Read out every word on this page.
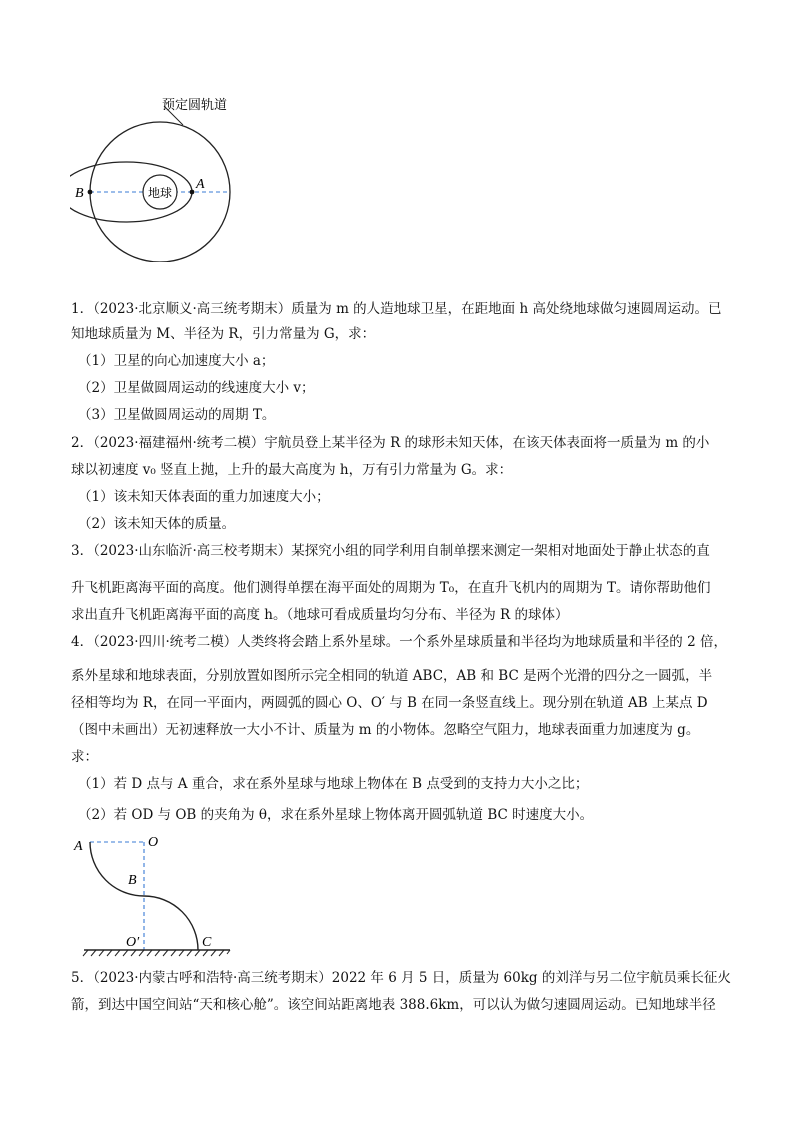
预定圆轨道
地球
A
B
1．（2023·北京顺义·高三统考期末）质量为 m 的人造地球卫星，在距地面 h 高处绕地球做匀速圆周运动。已
知地球质量为 M、半径为 R，引力常量为 G，求：
（1）卫星的向心加速度大小 a；
（2）卫星做圆周运动的线速度大小 v；
（3）卫星做圆周运动的周期 T。
2．（2023·福建福州·统考二模）宇航员登上某半径为 R 的球形未知天体，在该天体表面将一质量为 m 的小
球以初速度 v₀ 竖直上抛，上升的最大高度为 h，万有引力常量为 G。求：
（1）该未知天体表面的重力加速度大小；
（2）该未知天体的质量。
3．（2023·山东临沂·高三校考期末）某探究小组的同学利用自制单摆来测定一架相对地面处于静止状态的直
升飞机距离海平面的高度。他们测得单摆在海平面处的周期为 T₀，在直升飞机内的周期为 T。请你帮助他们
求出直升飞机距离海平面的高度 h。（地球可看成质量均匀分布、半径为 R 的球体）
4．（2023·四川·统考二模）人类终将会踏上系外星球。一个系外星球质量和半径均为地球质量和半径的 2 倍，
系外星球和地球表面，分别放置如图所示完全相同的轨道 ABC，AB 和 BC 是两个光滑的四分之一圆弧，半
径相等均为 R，在同一平面内，两圆弧的圆心 O、O′ 与 B 在同一条竖直线上。现分别在轨道 AB 上某点 D
（图中未画出）无初速释放一大小不计、质量为 m 的小物体。忽略空气阻力，地球表面重力加速度为 g。
求：
（1）若 D 点与 A 重合，求在系外星球与地球上物体在 B 点受到的支持力大小之比；
（2）若 OD 与 OB 的夹角为 θ，求在系外星球上物体离开圆弧轨道 BC 时速度大小。
A	O
B
O′	C
5．（2023·内蒙古呼和浩特·高三统考期末）2022 年 6 月 5 日，质量为 60kg 的刘洋与另二位宇航员乘长征火
箭，到达中国空间站“天和核心舱”。该空间站距离地表 388.6km，可以认为做匀速圆周运动。已知地球半径
